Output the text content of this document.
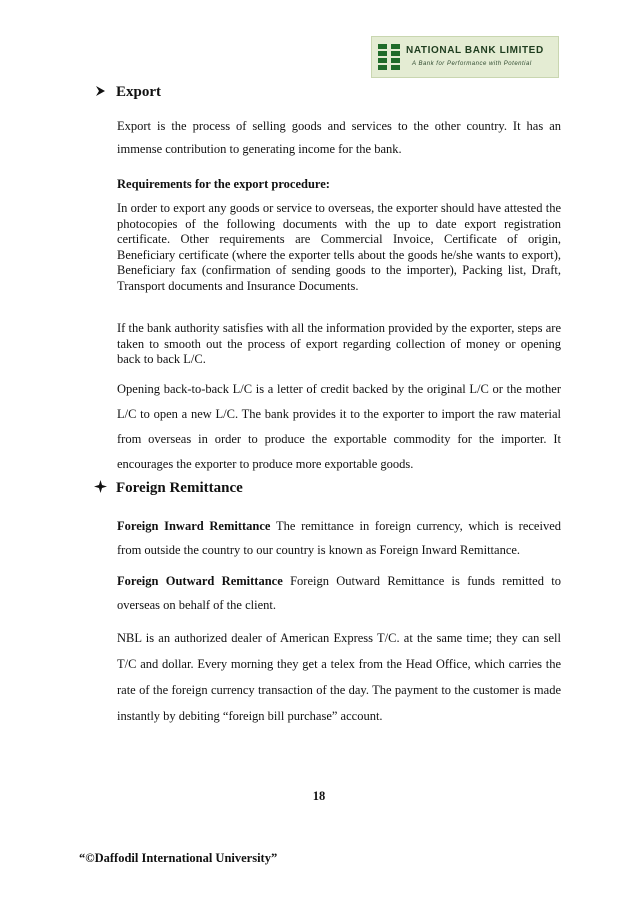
NATIONAL BANK LIMITED
A Bank for Performance with Potential
Export

Export is the process of selling goods and services to the other country. It has an immense contribution to generating income for the bank.

Requirements for the export procedure:

In order to export any goods or service to overseas, the exporter should have attested the photocopies of the following documents with the up to date export registration certificate. Other requirements are Commercial Invoice, Certificate of origin, Beneficiary certificate (where the exporter tells about the goods he/she wants to export), Beneficiary fax (confirmation of sending goods to the importer), Packing list, Draft, Transport documents and Insurance Documents.

If the bank authority satisfies with all the information provided by the exporter, steps are taken to smooth out the process of export regarding collection of money or opening back to back L/C.

Opening back-to-back L/C is a letter of credit backed by the original L/C or the mother L/C to open a new L/C. The bank provides it to the exporter to import the raw material from overseas in order to produce the exportable commodity for the importer. It encourages the exporter to produce more exportable goods.

Foreign Remittance

Foreign Inward Remittance The remittance in foreign currency, which is received from outside the country to our country is known as Foreign Inward Remittance.

Foreign Outward Remittance Foreign Outward Remittance is funds remitted to overseas on behalf of the client.

NBL is an authorized dealer of American Express T/C. at the same time; they can sell T/C and dollar. Every morning they get a telex from the Head Office, which carries the rate of the foreign currency transaction of the day. The payment to the customer is made instantly by debiting “foreign bill purchase” account.

18
“©Daffodil International University”
